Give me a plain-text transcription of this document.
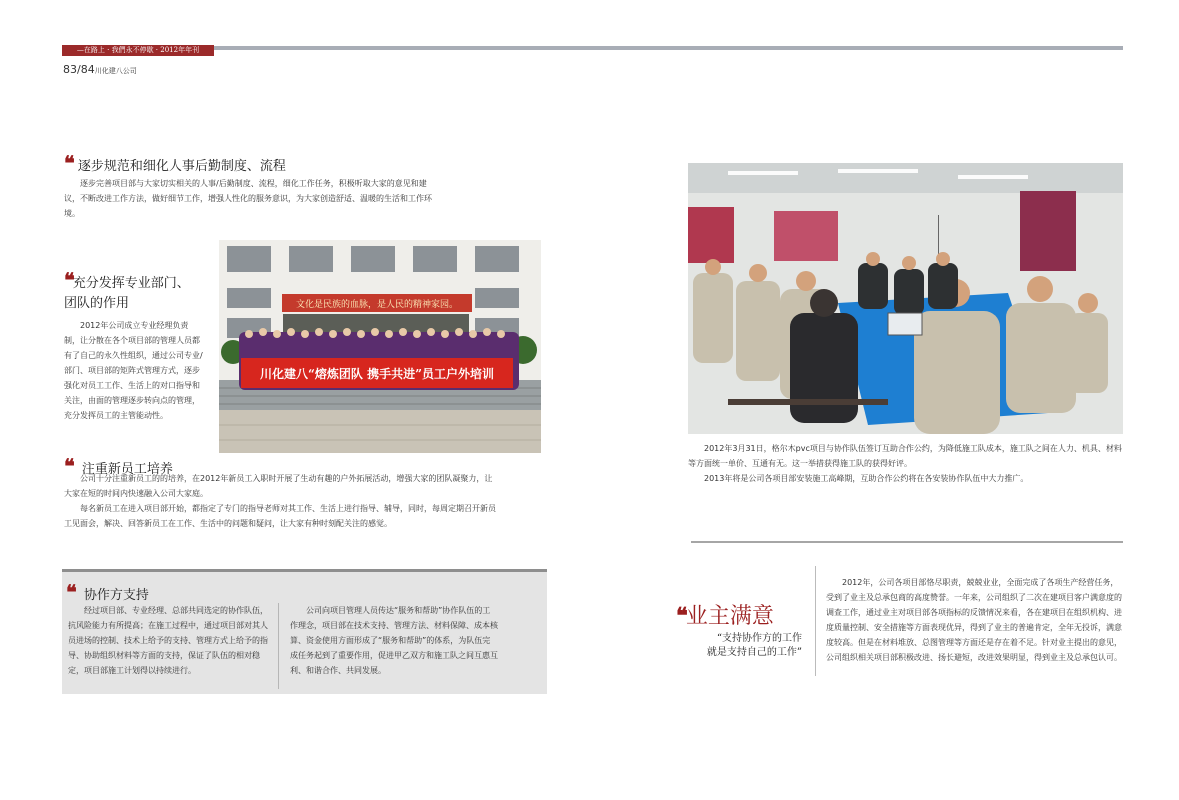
—在路上 · 我們永不停歇 · 2012年年刊
83/84川化建八公司
❝ 逐步规范和细化人事后勤制度、流程

逐步完善项目部与大家切实相关的人事/后勤制度、流程，细化工作任务，积极听取大家的意见和建议，不断改进工作方法，做好细节工作，增强人性化的服务意识，为大家创造舒适、温暖的生活和工作环境。

❝充分发挥专业部门、
团队的作用

2012年公司成立专业经理负责制，让分散在各个项目部的管理人员都有了自己的永久性组织，通过公司专业/部门、项目部的矩阵式管理方式，逐步强化对员工工作、生活上的对口指导和关注，由面的管理逐步转向点的管理，充分发挥员工的主管能动性。

文化是民族的血脉，是人民的精神家园。
川化建八“熔炼团队 携手共进”员工户外培训
❝ 注重新员工培养

公司十分注重新员工的的培养，在2012年新员工入职时开展了生动有趣的户外拓展活动，增强大家的团队凝聚力，让大家在短的时间内快速融入公司大家庭。

每名新员工在进入项目部开始，都指定了专门的指导老师对其工作、生活上进行指导、辅导，同时，每周定期召开新员工见面会，解决、回答新员工在工作、生活中的问题和疑问，让大家有种时刻配关注的感觉。

❝ 协作方支持

经过项目部、专业经理、总部共同选定的协作队伍，抗风险能力有所提高；在施工过程中，通过项目部对其人员进场的控制、技术上给予的支持、管理方式上给予的指导、协助组织材料等方面的支持，保证了队伍的相对稳定，项目部施工计划得以持续进行。

公司向项目管理人员传达“服务和帮助”协作队伍的工作理念，项目部在技术支持、管理方法、材料保障、成本核算、资金使用方面形成了“服务和帮助”的体系，为队伍完成任务起到了重要作用，促进甲乙双方和施工队之间互惠互利、和谐合作、共同发展。

2012年3月31日，格尔木pvc项目与协作队伍签订互助合作公约，为降低施工队成本，施工队之间在人力、机具、材料等方面统一单价、互通有无。这一举措获得施工队的获得好评。

2013年将是公司各项目部安装施工高峰期，互助合作公约将在各安装协作队伍中大力推广。

❝业主满意
“支持协作方的工作
就是支持自己的工作”

2012年，公司各项目部恪尽职责，兢兢业业，全面完成了各项生产经营任务，受到了业主及总承包商的高度赞誉。一年来，公司组织了二次在建项目客户满意度的调查工作，通过业主对项目部各项指标的反馈情况来看，各在建项目在组织机构、进度质量控制、安全措施等方面表现优异，得到了业主的普遍肯定，全年无投诉，满意度较高。但是在材料堆放、总图管理等方面还是存在着不足。针对业主提出的意见，公司组织相关项目部积极改进、扬长避短，改进效果明显，得到业主及总承包认可。
